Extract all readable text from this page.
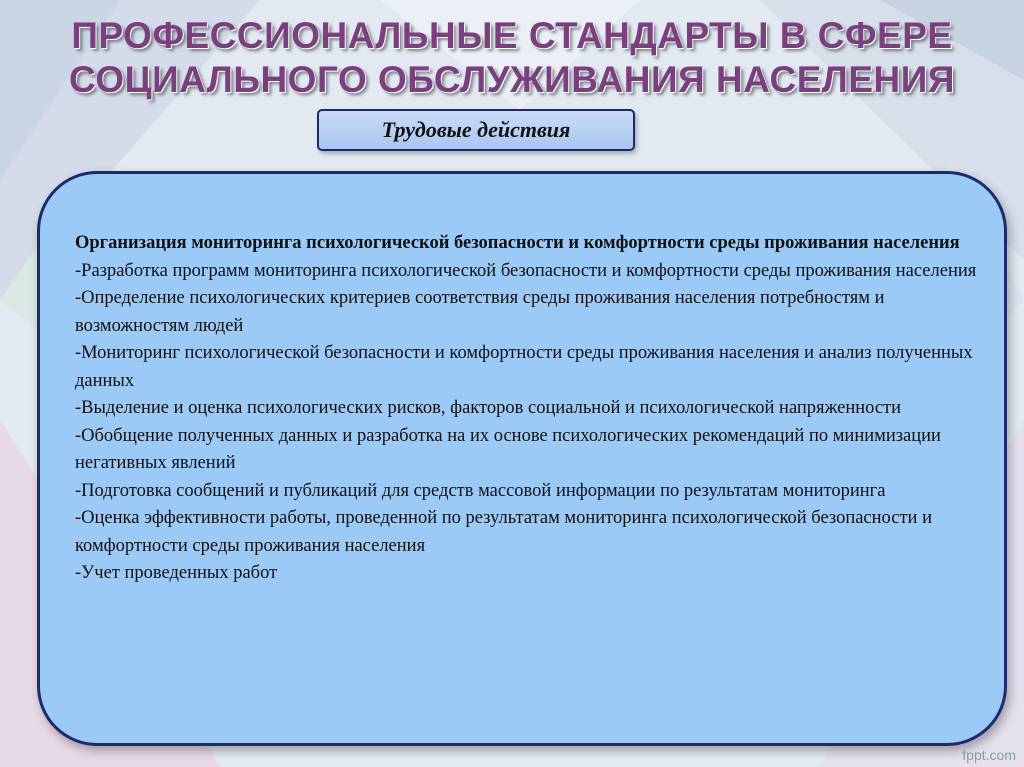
ПРОФЕССИОНАЛЬНЫЕ СТАНДАРТЫ В СФЕРЕ
СОЦИАЛЬНОГО ОБСЛУЖИВАНИЯ НАСЕЛЕНИЯ
Трудовые действия
Организация мониторинга психологической безопасности и комфортности среды проживания населения
-Разработка программ мониторинга психологической безопасности и комфортности среды проживания населения
-Определение психологических критериев соответствия среды проживания населения потребностям и возможностям людей
-Мониторинг психологической безопасности и комфортности среды проживания населения и анализ полученных данных
-Выделение и оценка психологических рисков, факторов социальной и психологической напряженности
-Обобщение полученных данных и разработка на их основе психологических рекомендаций по минимизации негативных явлений
-Подготовка сообщений и публикаций для средств массовой информации по результатам мониторинга
-Оценка эффективности работы, проведенной по результатам мониторинга психологической безопасности и комфортности среды проживания населения
-Учет проведенных работ
fppt.com
